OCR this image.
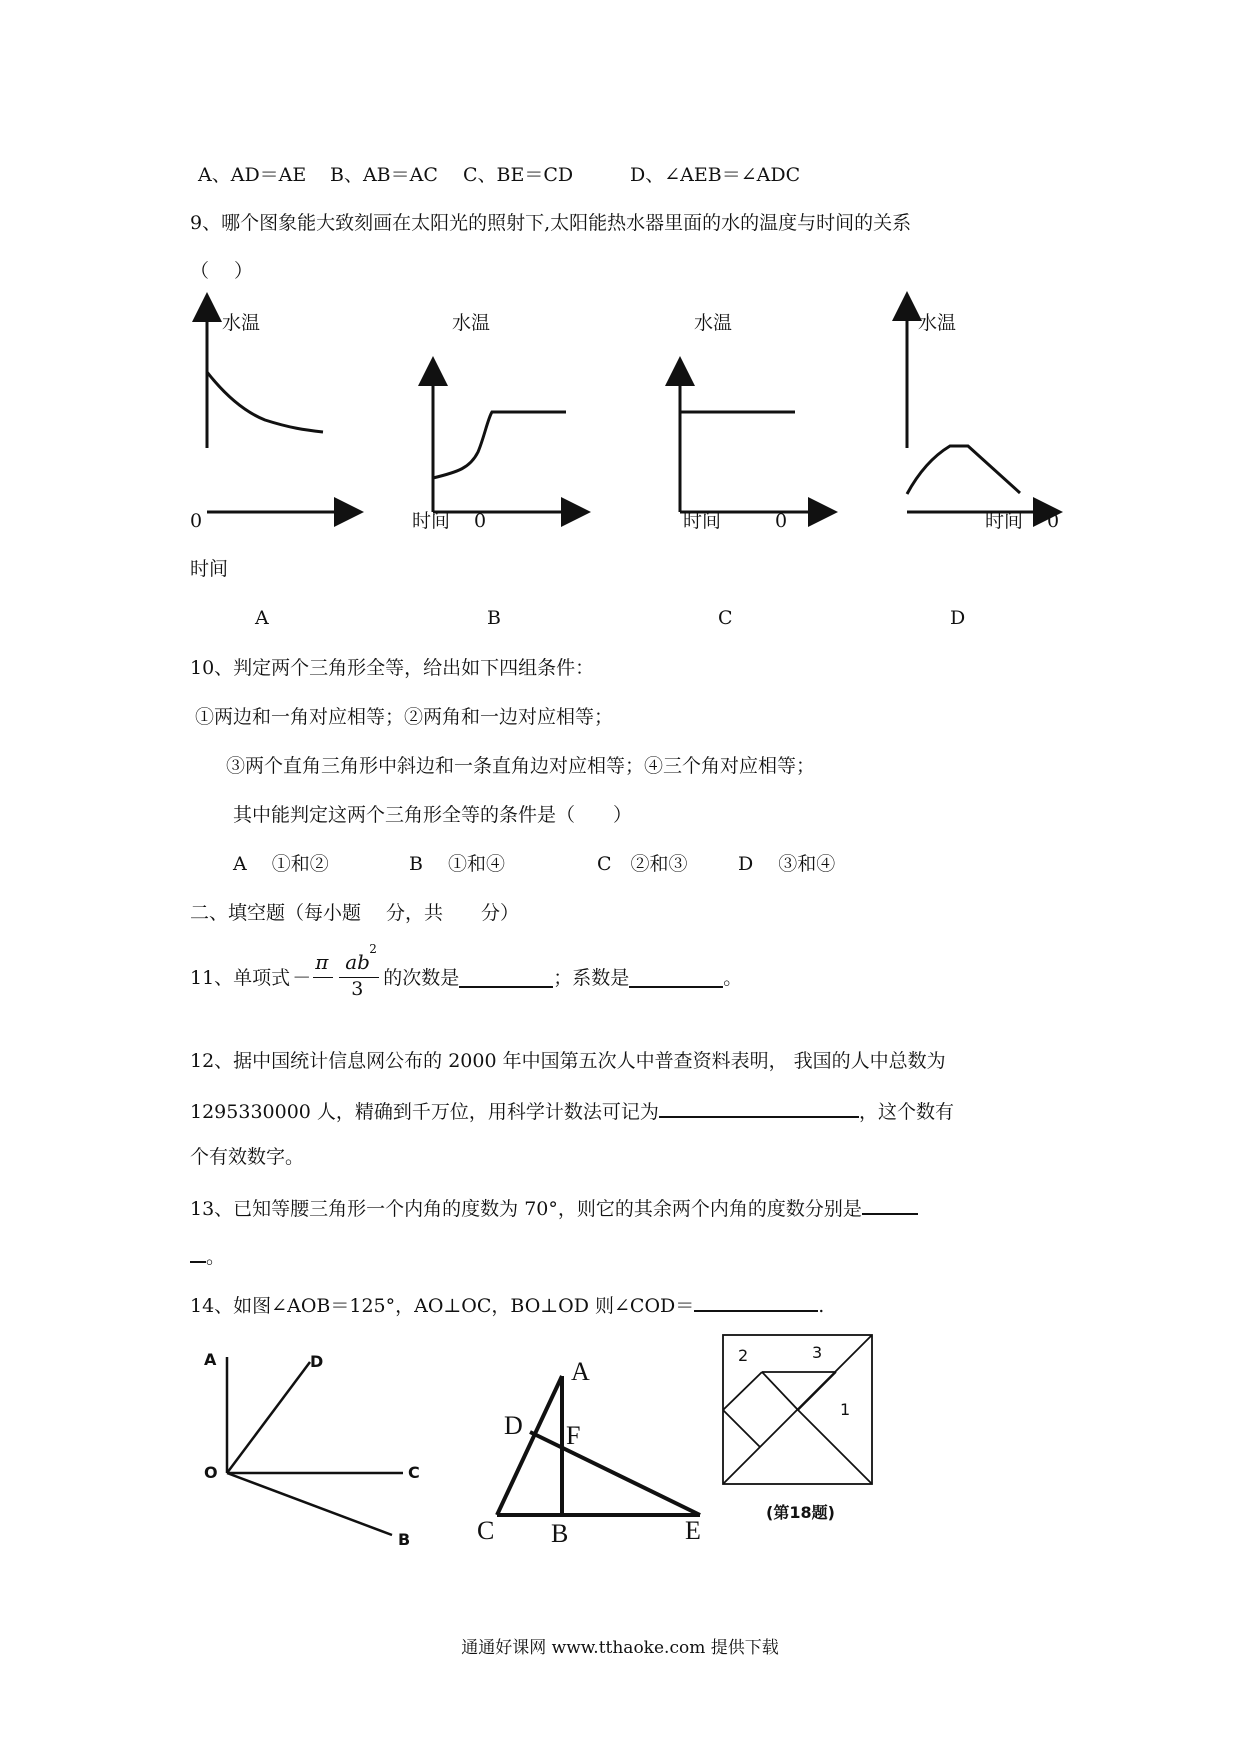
A、AD＝AE B、AB＝AC C、BE＝CD	D、∠AEB＝∠ADC
9、哪个图象能大致刻画在太阳光的照射下,太阳能热水器里面的水的温度与时间的关系
（　 ）
水温	水温	水温	水温
0	时间 0	时间	0	时间 0
时间
A	B	C	D
10、判定两个三角形全等，给出如下四组条件：
①两边和一角对应相等；②两角和一边对应相等；
③两个直角三角形中斜边和一条直角边对应相等；④三个角对应相等；
其中能判定这两个三角形全等的条件是（　　）
A　 ①和②	B　 ①和④	C　②和③	D　 ③和④
二、填空题（每小题　 分，共　　分）
11、单项式 －
π ab
2
3
的次数是	；系数是	。
12、据中国统计信息网公布的 2000 年中国第五次人中普查资料表明， 我国的人中总数为
1295330000 人，精确到千万位，用科学计数法可记为	，这个数有
个有效数字。
13、已知等腰三角形一个内角的度数为 70°，则它的其余两个内角的度数分别是
。
14、如图∠AOB＝125°，AO⊥OC，BO⊥OD 则∠COD＝	.
A	D
O	C
B
A
D F
C B	E
2	3
1
(第18题)
通通好课网 www.tthaoke.com 提供下载
